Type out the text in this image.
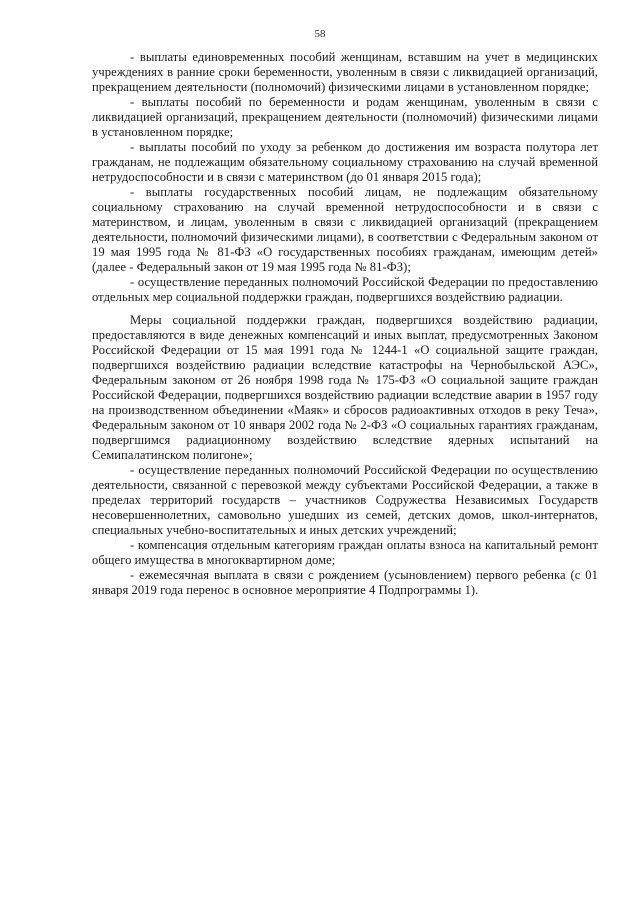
58

- выплаты единовременных пособий женщинам, вставшим на учет в медицинских учреждениях в ранние сроки беременности, уволенным в связи с ликвидацией организаций, прекращением деятельности (полномочий) физическими лицами в установленном порядке;

- выплаты пособий по беременности и родам женщинам, уволенным в связи с ликвидацией организаций, прекращением деятельности (полномочий) физическими лицами в установленном порядке;

- выплаты пособий по уходу за ребенком до достижения им возраста полутора лет гражданам, не подлежащим обязательному социальному страхованию на случай временной нетрудоспособности и в связи с материнством (до 01 января 2015 года);

- выплаты государственных пособий лицам, не подлежащим обязательному социальному страхованию на случай временной нетрудоспособности и в связи с материнством, и лицам, уволенным в связи с ликвидацией организаций (прекращением деятельности, полномочий физическими лицами), в соответствии с Федеральным законом от 19 мая 1995 года № 81-ФЗ «О государственных пособиях гражданам, имеющим детей» (далее - Федеральный закон от 19 мая 1995 года № 81-ФЗ);

- осуществление переданных полномочий Российской Федерации по предоставлению отдельных мер социальной поддержки граждан, подвергшихся воздействию радиации.

Меры социальной поддержки граждан, подвергшихся воздействию радиации, предоставляются в виде денежных компенсаций и иных выплат, предусмотренных Законом Российской Федерации от 15 мая 1991 года № 1244-1 «О социальной защите граждан, подвергшихся воздействию радиации вследствие катастрофы на Чернобыльской АЭС», Федеральным законом от 26 ноября 1998 года № 175-ФЗ «О социальной защите граждан Российской Федерации, подвергшихся воздействию радиации вследствие аварии в 1957 году на производственном объединении «Маяк» и сбросов радиоактивных отходов в реку Теча», Федеральным законом от 10 января 2002 года № 2-ФЗ «О социальных гарантиях гражданам, подвергшимся радиационному воздействию вследствие ядерных испытаний на Семипалатинском полигоне»;

- осуществление переданных полномочий Российской Федерации по осуществлению деятельности, связанной с перевозкой между субъектами Российской Федерации, а также в пределах территорий государств – участников Содружества Независимых Государств несовершеннолетних, самовольно ушедших из семей, детских домов, школ-интернатов, специальных учебно-воспитательных и иных детских учреждений;

- компенсация отдельным категориям граждан оплаты взноса на капитальный ремонт общего имущества в многоквартирном доме;

- ежемесячная выплата в связи с рождением (усыновлением) первого ребенка (с 01 января 2019 года перенос в основное мероприятие 4 Подпрограммы 1).
